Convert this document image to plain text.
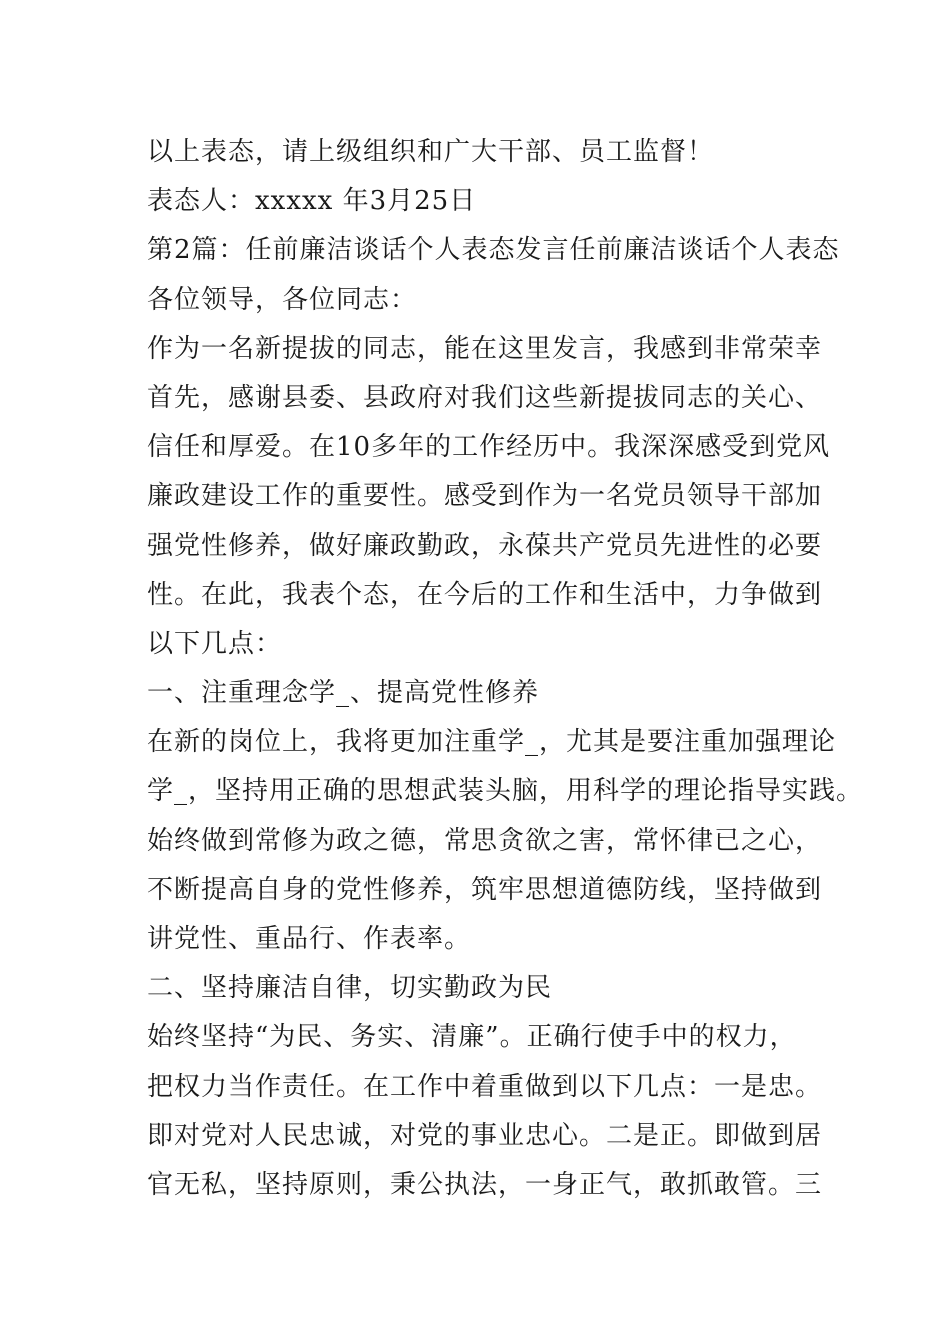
以上表态，请上级组织和广大干部、员工监督！
表态人：xxxxx 年3月25日
第2篇：任前廉洁谈话个人表态发言任前廉洁谈话个人表态
各位领导，各位同志：
作为一名新提拔的同志，能在这里发言，我感到非常荣幸
首先，感谢县委、县政府对我们这些新提拔同志的关心、
信任和厚爱。在10多年的工作经历中。我深深感受到党风
廉政建设工作的重要性。感受到作为一名党员领导干部加
强党性修养，做好廉政勤政，永葆共产党员先进性的必要
性。在此，我表个态，在今后的工作和生活中，力争做到
以下几点：
一、注重理念学_、提高党性修养
在新的岗位上，我将更加注重学_，尤其是要注重加强理论
学_，坚持用正确的思想武装头脑，用科学的理论指导实践。
始终做到常修为政之德，常思贪欲之害，常怀律已之心，
不断提高自身的党性修养，筑牢思想道德防线，坚持做到
讲党性、重品行、作表率。
二、坚持廉洁自律，切实勤政为民
始终坚持“为民、务实、清廉”。正确行使手中的权力，
把权力当作责任。在工作中着重做到以下几点：一是忠。
即对党对人民忠诚，对党的事业忠心。二是正。即做到居
官无私，坚持原则，秉公执法，一身正气，敢抓敢管。三
